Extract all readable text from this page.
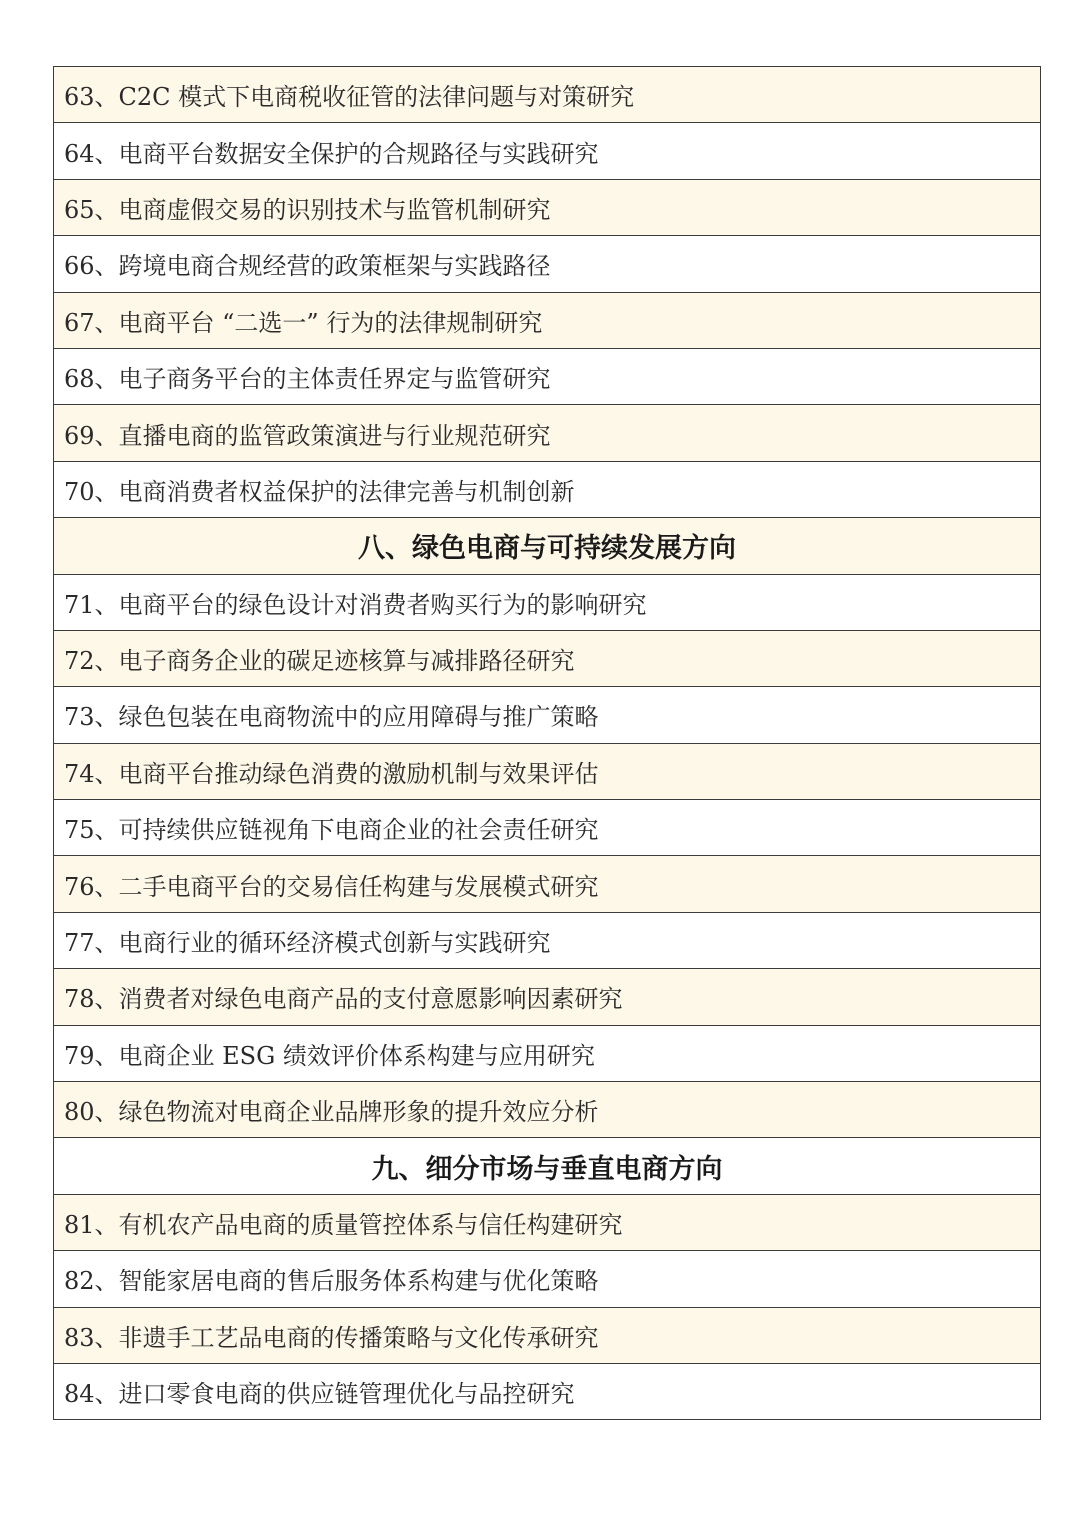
63、C2C 模式下电商税收征管的法律问题与对策研究
64、电商平台数据安全保护的合规路径与实践研究
65、电商虚假交易的识别技术与监管机制研究
66、跨境电商合规经营的政策框架与实践路径
67、电商平台 “二选一” 行为的法律规制研究
68、电子商务平台的主体责任界定与监管研究
69、直播电商的监管政策演进与行业规范研究
70、电商消费者权益保护的法律完善与机制创新
八、绿色电商与可持续发展方向
71、电商平台的绿色设计对消费者购买行为的影响研究
72、电子商务企业的碳足迹核算与减排路径研究
73、绿色包装在电商物流中的应用障碍与推广策略
74、电商平台推动绿色消费的激励机制与效果评估
75、可持续供应链视角下电商企业的社会责任研究
76、二手电商平台的交易信任构建与发展模式研究
77、电商行业的循环经济模式创新与实践研究
78、消费者对绿色电商产品的支付意愿影响因素研究
79、电商企业 ESG 绩效评价体系构建与应用研究
80、绿色物流对电商企业品牌形象的提升效应分析
九、细分市场与垂直电商方向
81、有机农产品电商的质量管控体系与信任构建研究
82、智能家居电商的售后服务体系构建与优化策略
83、非遗手工艺品电商的传播策略与文化传承研究
84、进口零食电商的供应链管理优化与品控研究
